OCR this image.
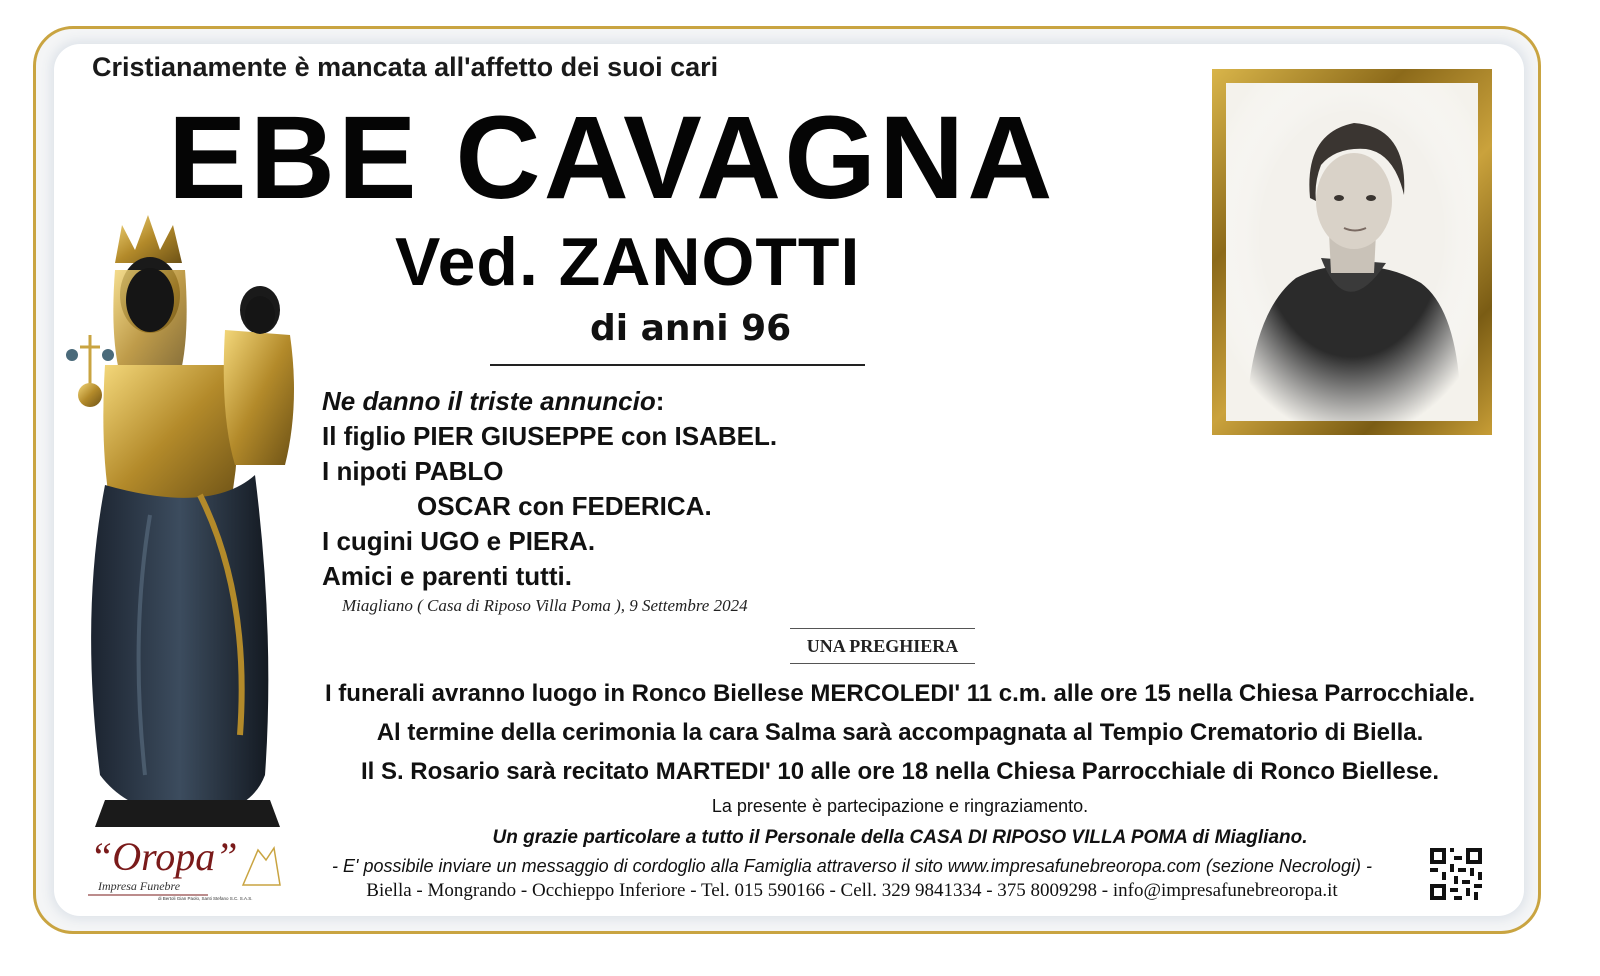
Cristianamente è mancata all'affetto dei suoi cari
EBE CAVAGNA
Ved. ZANOTTI
di anni 96
Ne danno il triste annuncio:
Il figlio PIER GIUSEPPE con ISABEL.
I nipoti PABLO
OSCAR con FEDERICA.
I cugini UGO e PIERA.
Amici e parenti tutti.
Miagliano ( Casa di Riposo Villa Poma ), 9 Settembre 2024
UNA PREGHIERA
I funerali avranno luogo in Ronco Biellese MERCOLEDI' 11 c.m. alle ore 15 nella Chiesa Parrocchiale.
Al termine della cerimonia la cara Salma sarà accompagnata al Tempio Crematorio di Biella.
Il S. Rosario sarà recitato MARTEDI' 10 alle ore 18 nella Chiesa Parrocchiale di Ronco Biellese.
La presente è partecipazione e ringraziamento.
Un grazie particolare a tutto il Personale della CASA DI RIPOSO VILLA POMA di Miagliano.
- E' possibile inviare un messaggio di cordoglio alla Famiglia attraverso il sito www.impresafunebreoropa.com (sezione Necrologi) -
Biella - Mongrando - Occhieppo Inferiore - Tel. 015 590166 - Cell. 329 9841334 - 375 8009298 - info@impresafunebreoropa.it
“Oropa”
Impresa Funebre
di Bertoli Gian Paolo, Santi Stefano S.C. S.A.S.
